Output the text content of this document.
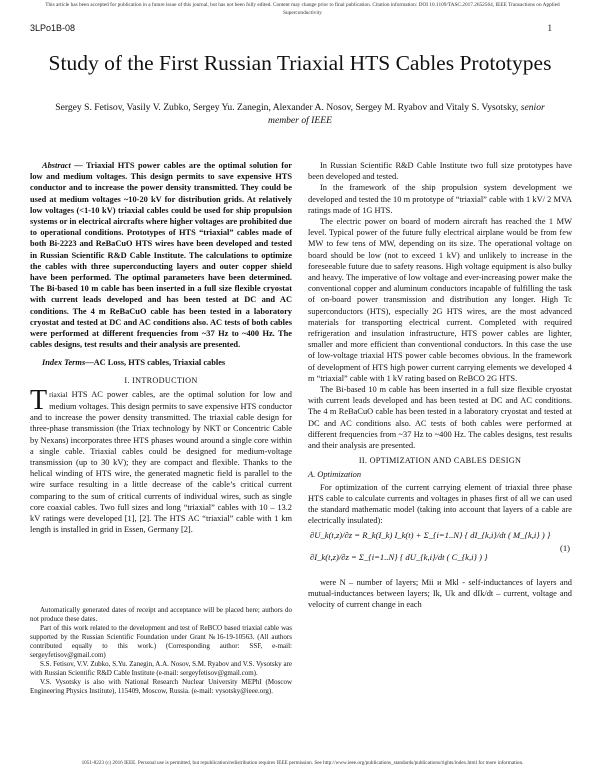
This article has been accepted for publication in a future issue of this journal, but has not been fully edited. Content may change prior to final publication. Citation information: DOI 10.1109/TASC.2017.2652564, IEEE Transactions on Applied Superconductivity
3LPo1B-08	1
Study of the First Russian Triaxial HTS Cables Prototypes
Sergey S. Fetisov, Vasily V. Zubko, Sergey Yu. Zanegin, Alexander A. Nosov, Sergey M. Ryabov and Vitaly S. Vysotsky, senior member of IEEE

Abstract — Triaxial HTS power cables are the optimal solution for low and medium voltages. This design permits to save expensive HTS conductor and to increase the power density transmitted. They could be used at medium voltages ~10-20 kV for distribution grids. At relatively low voltages (<1-10 kV) triaxial cables could be used for ship propulsion systems or in electrical aircrafts where higher voltages are prohibited due to operational conditions. Prototypes of HTS “triaxial” cables made of both Bi-2223 and ReBaCuO HTS wires have been developed and tested in Russian Scientific R&D Cable Institute. The calculations to optimize the cables with three superconducting layers and outer copper shield have been performed. The optimal parameters have been determined. The Bi-based 10 m cable has been inserted in a full size flexible cryostat with current leads developed and has been tested at DC and AC conditions. The 4 m ReBaCuO cable has been tested in a laboratory cryostat and tested at DC and AC conditions also. AC tests of both cables were performed at different frequencies from ~37 Hz to ~400 Hz. The cables designs, test results and their analysis are presented.

Index Terms—AC Loss, HTS cables, Triaxial cables

I. INTRODUCTION

Triaxial HTS AC power cables, are the optimal solution for low and medium voltages. This design permits to save expensive HTS conductor and to increase the power density transmitted. The triaxial cable design for three-phase transmission (the Triax technology by NKT or Concentric Cable by Nexans) incorporates three HTS phases wound around a single core within a single cable. Triaxial cables could be designed for medium-voltage transmission (up to 30 kV); they are compact and flexible. Thanks to the helical winding of HTS wire, the generated magnetic field is parallel to the wire surface resulting in a little decrease of the cable’s critical current comparing to the sum of critical currents of individual wires, such as single core coaxial cables. Two full sizes and long “triaxial” cables with 10 – 13.2 kV ratings were developed [1], [2]. The HTS AC “triaxial” cable with 1 km length is installed in grid in Essen, Germany [2].

Automatically generated dates of receipt and acceptance will be placed here; authors do not produce these dates.

Part of this work related to the development and test of ReBCO based triaxial cable was supported by the Russian Scientific Foundation under Grant №16-19-10563. (All authors contributed equally to this work.) (Corresponding author: SSF, e-mail: sergeyfetisov@gmail.com)

S.S. Fetisov, V.V. Zubko, S.Yu. Zanegin, A.A. Nosov, S.M. Ryabov and V.S. Vysotsky are with Russian Scientific R&D Cable Institute (e-mail: sergeyfetisov@gmail.com).

V.S. Vysotsky is also with National Research Nuclear University MEPhI (Moscow Engineering Physics Institute), 115409, Moscow, Russia. (e-mail: vysotsky@ieee.org).

In Russian Scientific R&D Cable Institute two full size prototypes have been developed and tested.

In the framework of the ship propulsion system development we developed and tested the 10 m prototype of “triaxial” cable with 1 kV/ 2 MVA ratings made of 1G HTS.

The electric power on board of modern aircraft has reached the 1 MW level. Typical power of the future fully electrical airplane would be from few MW to few tens of MW, depending on its size. The operational voltage on board should be low (not to exceed 1 kV) and unlikely to increase in the foreseeable future due to safety reasons. High voltage equipment is also bulky and heavy. The imperative of low voltage and ever-increasing power make the conventional copper and aluminum conductors incapable of fulfilling the task of on-board power transmission and distribution any longer. High Tc superconductors (HTS), especially 2G HTS wires, are the most advanced materials for transporting electrical current. Completed with required refrigeration and insulation infrastructure, HTS power cables are lighter, smaller and more efficient than conventional conductors. In this case the use of low-voltage triaxial HTS power cable becomes obvious. In the framework of development of HTS high power current carrying elements we developed 4 m “triaxial” cable with 1 kV rating based on ReBCO 2G HTS.

The Bi-based 10 m cable has been inserted in a full size flexible cryostat with current leads developed and has been tested at DC and AC conditions. The 4 m ReBaCuO cable has been tested in a laboratory cryostat and tested at DC and AC conditions also. AC tests of both cables were performed at different frequencies from ~37 Hz to ~400 Hz. The cables designs, test results and their analysis are presented.

II. OPTIMIZATION AND CABLES DESIGN
A. Optimization

For optimization of the current carrying element of triaxial three phase HTS cable to calculate currents and voltages in phases first of all we can used the standard mathematic model (taking into account that layers of a cable are electrically insulated):

∂U_k(t,z)/∂z = R_k(I_k) I_k(t) + Σ_{i=1..N} { dI_{k,i}/dt ( M_{k,i} ) }
∂I_k(t,z)/∂z = Σ_{i=1..N} { dU_{k,i}/dt ( C_{k,i} ) }
(1)

were N – number of layers; Mii и Mkl - self-inductances of layers and mutual-inductances between layers; Ik, Uk and dIk/dt – current, voltage and velocity of current change in each

1051-8223 (c) 2016 IEEE. Personal use is permitted, but republication/redistribution requires IEEE permission. See http://www.ieee.org/publications_standards/publications/rights/index.html for more information.
